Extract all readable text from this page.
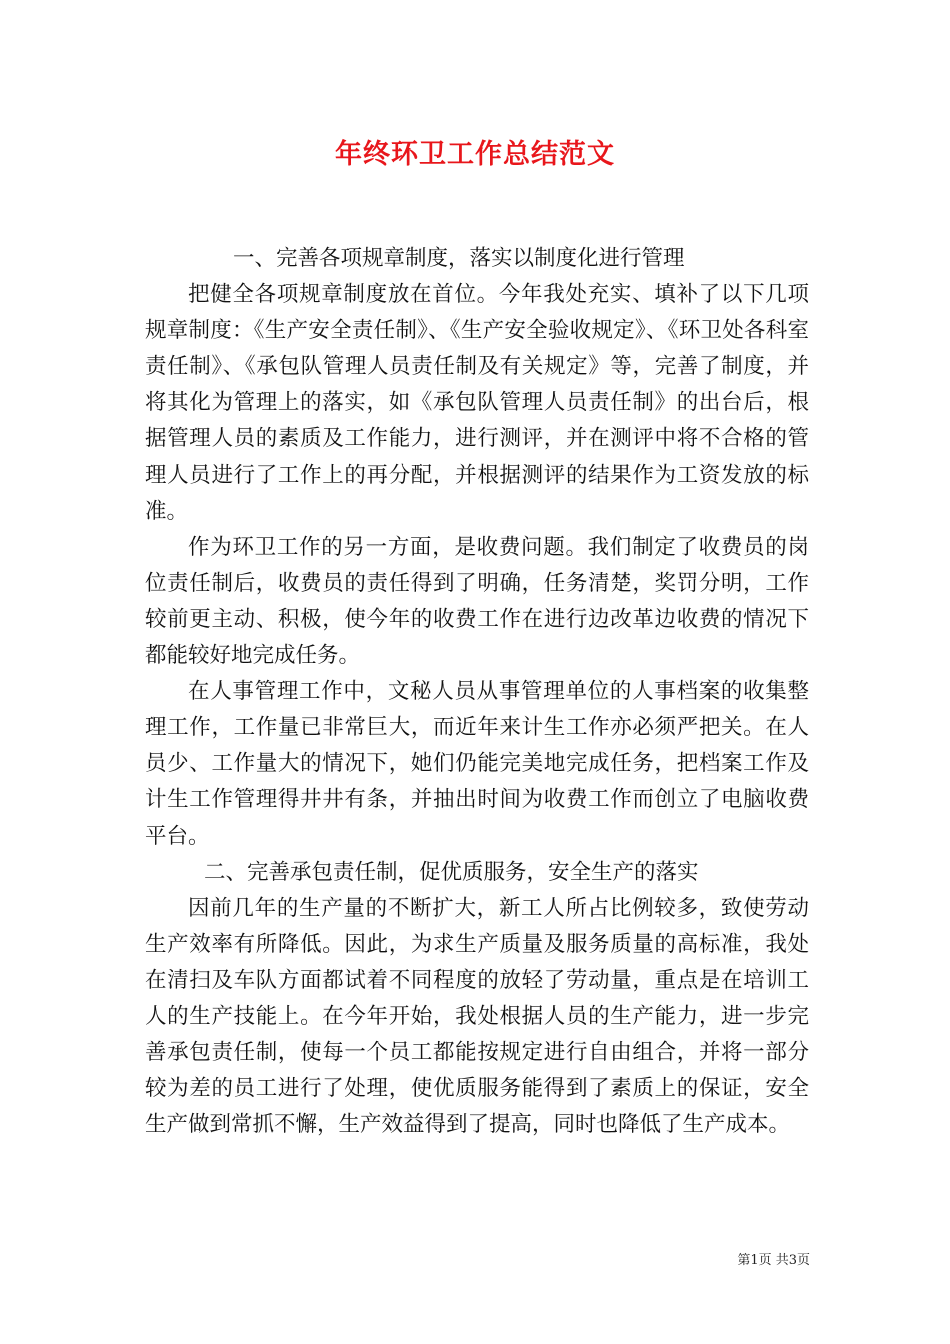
年终环卫工作总结范文

一、完善各项规章制度，落实以制度化进行管理

把健全各项规章制度放在首位。今年我处充实、填补了以下几项规章制度：《生产安全责任制》、《生产安全验收规定》、《环卫处各科室责任制》、《承包队管理人员责任制及有关规定》等，完善了制度，并将其化为管理上的落实，如《承包队管理人员责任制》的出台后，根据管理人员的素质及工作能力，进行测评，并在测评中将不合格的管理人员进行了工作上的再分配，并根据测评的结果作为工资发放的标准。

作为环卫工作的另一方面，是收费问题。我们制定了收费员的岗位责任制后，收费员的责任得到了明确，任务清楚，奖罚分明，工作较前更主动、积极，使今年的收费工作在进行边改革边收费的情况下都能较好地完成任务。

在人事管理工作中，文秘人员从事管理单位的人事档案的收集整理工作，工作量已非常巨大，而近年来计生工作亦必须严把关。在人员少、工作量大的情况下，她们仍能完美地完成任务，把档案工作及计生工作管理得井井有条，并抽出时间为收费工作而创立了电脑收费平台。

二、完善承包责任制，促优质服务，安全生产的落实

因前几年的生产量的不断扩大，新工人所占比例较多，致使劳动生产效率有所降低。因此，为求生产质量及服务质量的高标准，我处在清扫及车队方面都试着不同程度的放轻了劳动量，重点是在培训工人的生产技能上。在今年开始，我处根据人员的生产能力，进一步完善承包责任制，使每一个员工都能按规定进行自由组合，并将一部分较为差的员工进行了处理，使优质服务能得到了素质上的保证，安全生产做到常抓不懈，生产效益得到了提高，同时也降低了生产成本。

第1页 共3页
